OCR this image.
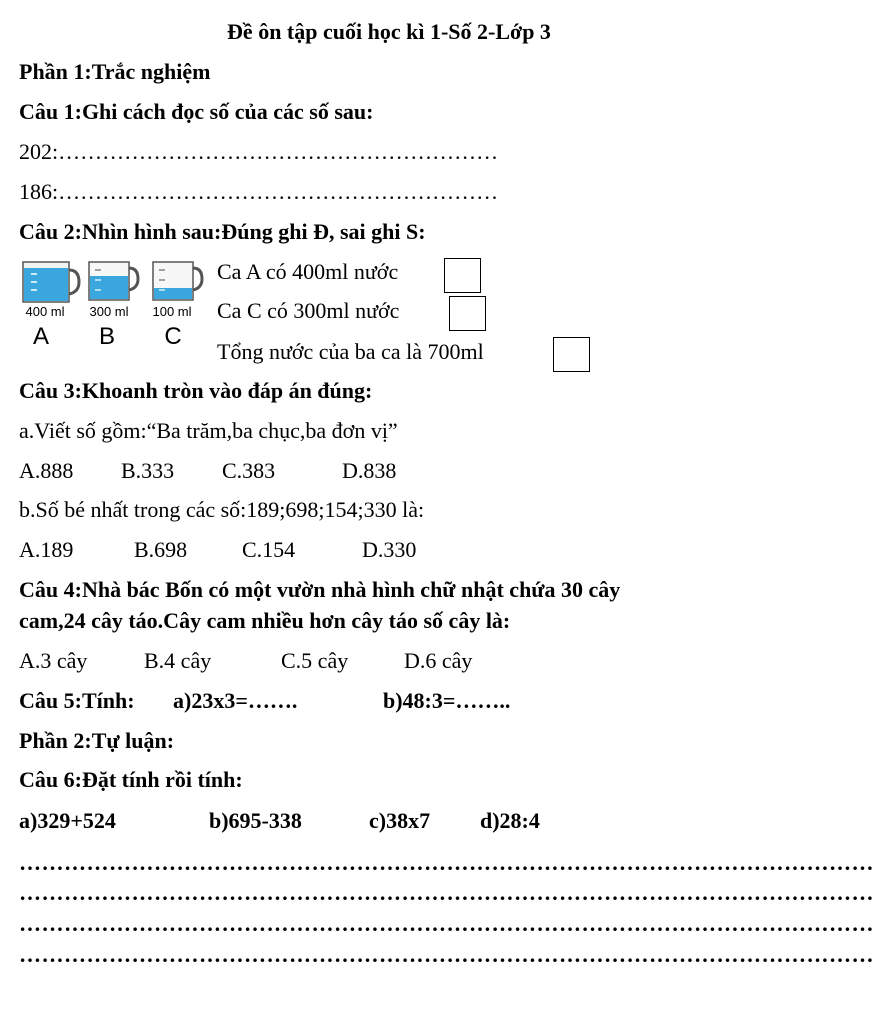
Đề ôn tập cuối học kì 1-Số 2-Lớp 3
Phần 1:Trắc nghiệm
Câu 1:Ghi cách đọc số của các số sau:
202:……………………………………………………
186:……………………………………………………
Câu 2:Nhìn hình sau:Đúng ghi Đ, sai ghi S:
400 ml 300 ml 100 ml
A B C
Ca A có 400ml nước
Ca C có 300ml nước
Tổng nước của ba ca là 700ml
Câu 3:Khoanh tròn vào đáp án đúng:
a.Viết số gồm:“Ba trăm,ba chục,ba đơn vị”
A.888 B.333 C.383	D.838
b.Số bé nhất trong các số:189;698;154;330 là:
A.189	B.698 C.154	D.330
Câu 4:Nhà bác Bốn có một vườn nhà hình chữ nhật chứa 30 cây
cam,24 cây táo.Cây cam nhiều hơn cây táo số cây là:
A.3 cây	B.4 cây	C.5 cây	D.6 cây
Câu 5:Tính: a)23x3=…….	b)48:3=……..
Phần 2:Tự luận:
Câu 6:Đặt tính rồi tính:
a)329+524	b)695-338	c)38x7 d)28:4
……………………………………………………………………………………………………
……………………………………………………………………………………………………
……………………………………………………………………………………………………
……………………………………………………………………………………………………
